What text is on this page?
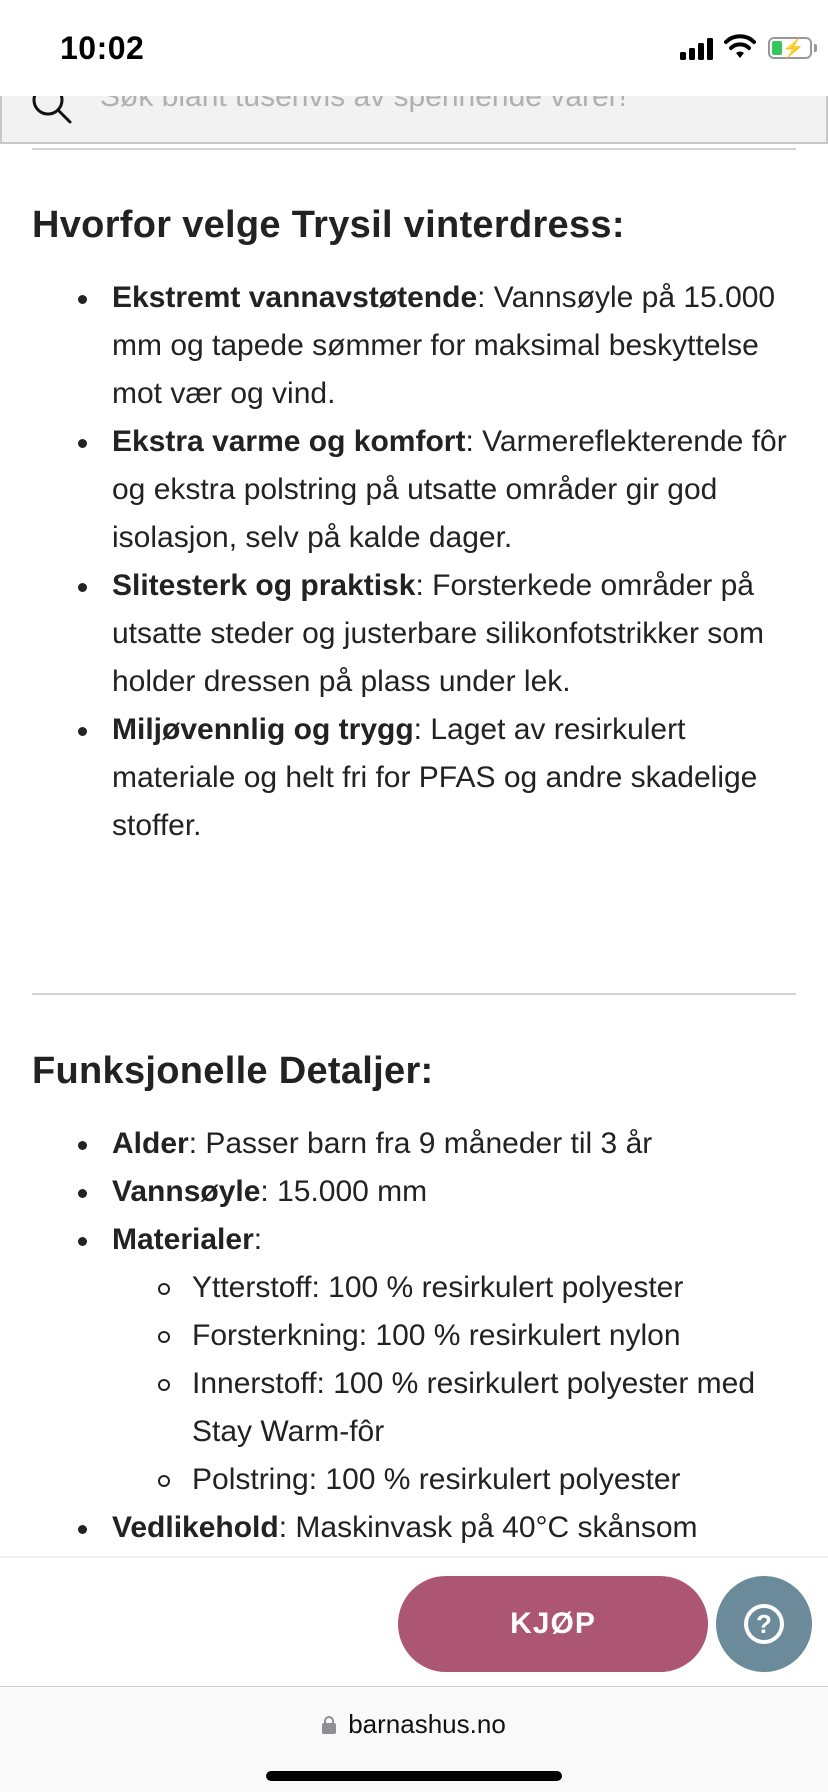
10:02	⚡
Søk blant tusenvis av spennende varer!
Hvorfor velge Trysil vinterdress:
Ekstremt vannavstøtende: Vannsøyle på 15.000 mm og tapede sømmer for maksimal beskyttelse mot vær og vind.
Ekstra varme og komfort: Varmereflekterende fôr og ekstra polstring på utsatte områder gir god isolasjon, selv på kalde dager.
Slitesterk og praktisk: Forsterkede områder på utsatte steder og justerbare silikonfotstrikker som holder dressen på plass under lek.
Miljøvennlig og trygg: Laget av resirkulert materiale og helt fri for PFAS og andre skadelige stoffer.
Funksjonelle Detaljer:
Alder: Passer barn fra 9 måneder til 3 år
Vannsøyle: 15.000 mm
Materialer:
Ytterstoff: 100 % resirkulert polyester
Forsterkning: 100 % resirkulert nylon
Innerstoff: 100 % resirkulert polyester med Stay Warm-fôr
Polstring: 100 % resirkulert polyester
Vedlikehold: Maskinvask på 40°C skånsom
KJØP	?
barnashus.no
